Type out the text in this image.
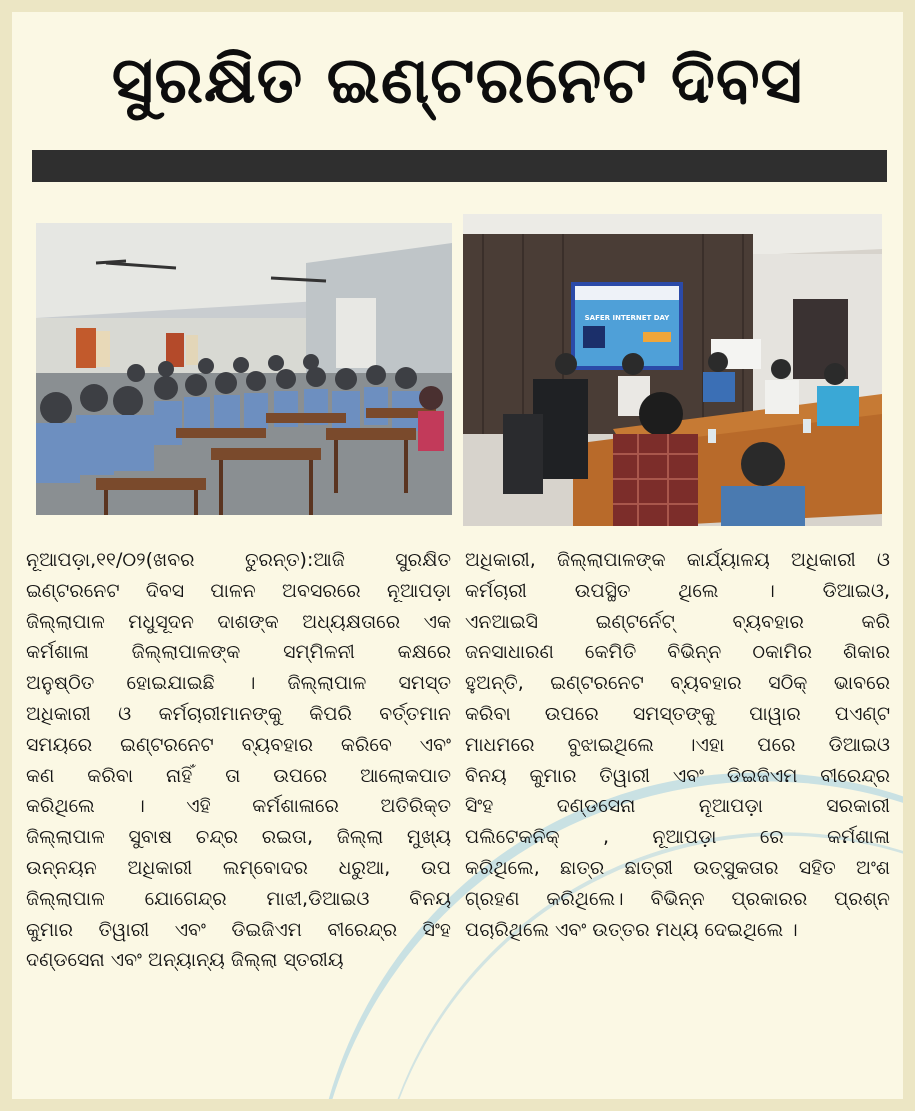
ସୁରକ୍ଷିତ ଇଣ୍ଟରନେଟ ଦିବସ
SAFER INTERNET DAY
ନୂଆପଡ଼ା,୧୧/୦୨(ଖବର ତୁରନ୍ତ):ଆଜି ସୁରକ୍ଷିତ
ଇଣ୍ଟରନେଟ ଦିବସ ପାଳନ ଅବସରରେ ନୂଆପଡ଼ା
ଜିଲ୍ଲାପାଳ ମଧୁସୂଦନ ଦାଶଙ୍କ ଅଧ୍ୟକ୍ଷତାରେ ଏକ
କର୍ମଶାଳା ଜିଲ୍ଲାପାଳଙ୍କ ସମ୍ମିଳନୀ କକ୍ଷରେ
ଅନୁଷ୍ଠିତ ହୋଇଯାଇଛି । ଜିଲ୍ଲାପାଳ ସମସ୍ତ
ଅଧିକାରୀ ଓ କର୍ମଚାରୀମାନଙ୍କୁ କିପରି ବର୍ତ୍ତମାନ
ସମୟରେ ଇଣ୍ଟରନେଟ ବ୍ୟବହାର କରିବେ ଏବଂ
କଣ କରିବା ନାହିଁ ତା ଉପରେ ଆଲୋକପାତ
କରିଥିଲେ । ଏହି କର୍ମଶାଳାରେ ଅତିରିକ୍ତ
ଜିଲ୍ଲାପାଳ ସୁବାଷ ଚନ୍ଦ୍ର ରଇତା, ଜିଲ୍ଲା ମୁଖ୍ୟ
ଉନ୍ନୟନ ଅଧିକାରୀ ଲମ୍ବୋଦର ଧରୁଆ, ଉପ
ଜିଲ୍ଲାପାଳ ଯୋଗେନ୍ଦ୍ର ମାଝୀ,ଡିଆଇଓ ବିନୟ
କୁମାର ତିୱାରୀ ଏବଂ ଡିଇଜିଏମ ବୀରେନ୍ଦ୍ର ସିଂହ
ଦଣ୍ଡସେନା ଏବଂ ଅନ୍ୟାନ୍ୟ ଜିଲ୍ଲା ସ୍ତରୀୟ
ଅଧିକାରୀ, ଜିଲ୍ଲାପାଳଙ୍କ କାର୍ଯ୍ୟାଳୟ ଅଧିକାରୀ ଓ
କର୍ମଚାରୀ ଉପସ୍ଥିତ ଥିଲେ । ଡିଆଇଓ,
ଏନଆଇସି ଇଣ୍ଟର୍ନେଟ୍ ବ୍ୟବହାର କରି
ଜନସାଧାରଣ କେମିତି ବିଭିନ୍ନ ଠକାମିର ଶିକାର
ହୁଅନ୍ତି, ଇଣ୍ଟରନେଟ ବ୍ୟବହାର ସଠିକ୍ ଭାବରେ
କରିବା ଉପରେ ସମସ୍ତଙ୍କୁ ପାୱାର ପଏଣ୍ଟ
ମାଧମରେ ବୁଝାଇଥିଲେ ।ଏହା ପରେ ଡିଆଇଓ
ବିନୟ କୁମାର ତିୱାରୀ ଏବଂ ଡିଇଜିଏମ ବୀରେନ୍ଦ୍ର
ସିଂହ ଦଣ୍ଡସେନା ନୂଆପଡ଼ା ସରକାରୀ
ପଲିଟେକନିକ୍ , ନୂଆପଡ଼ା ରେ କର୍ମଶାଳା
କରିଥିଲେ, ଛାତ୍ର ଛାତ୍ରୀ ଉତ୍ସୁକତାର ସହିତ ଅଂଶ
ଗ୍ରହଣ କରିଥିଲେ। ବିଭିନ୍ନ ପ୍ରକାରର ପ୍ରଶ୍ନ
ପଚାରିଥିଲେ ଏବଂ ଉତ୍ତର ମଧ୍ୟ ଦେଇଥିଲେ ।
